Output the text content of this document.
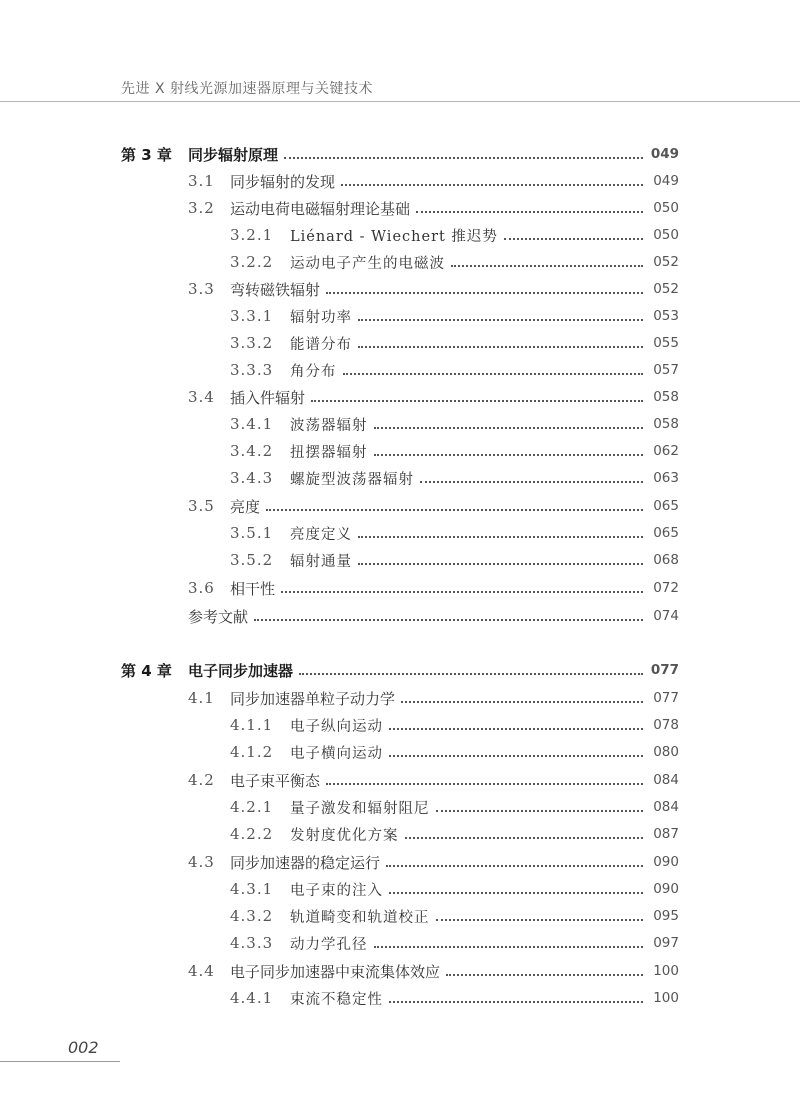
先进 X 射线光源加速器原理与关键技术
第 3 章	同步辐射原理	049
3.1	同步辐射的发现	049
3.2	运动电荷电磁辐射理论基础	050
3.2.1	Liénard - Wiechert 推迟势	050
3.2.2	运动电子产生的电磁波	052
3.3	弯转磁铁辐射	052
3.3.1	辐射功率	053
3.3.2	能谱分布	055
3.3.3	角分布	057
3.4	插入件辐射	058
3.4.1	波荡器辐射	058
3.4.2	扭摆器辐射	062
3.4.3	螺旋型波荡器辐射	063
3.5	亮度	065
3.5.1	亮度定义	065
3.5.2	辐射通量	068
3.6	相干性	072
参考文献	074
第 4 章	电子同步加速器	077
4.1	同步加速器单粒子动力学	077
4.1.1	电子纵向运动	078
4.1.2	电子横向运动	080
4.2	电子束平衡态	084
4.2.1	量子激发和辐射阻尼	084
4.2.2	发射度优化方案	087
4.3	同步加速器的稳定运行	090
4.3.1	电子束的注入	090
4.3.2	轨道畸变和轨道校正	095
4.3.3	动力学孔径	097
4.4	电子同步加速器中束流集体效应	100
4.4.1	束流不稳定性	100
002
